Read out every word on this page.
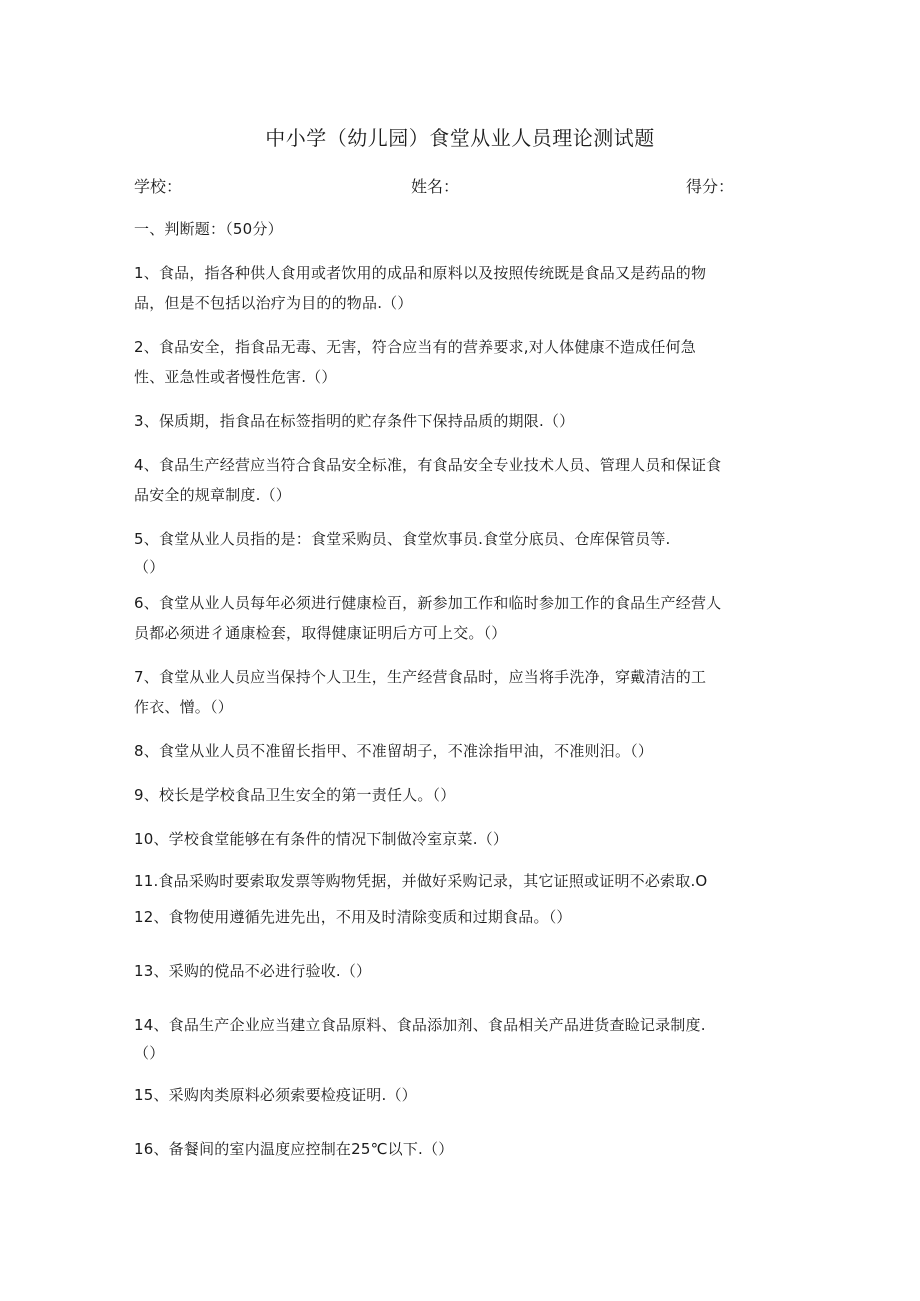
中小学（幼儿园）食堂从业人员理论测试题
学校：	姓名：	得分：
一、判断题：（50分）
1、食品，指各种供人食用或者饮用的成品和原料以及按照传统既是食品又是药品的物
品，但是不包括以治疗为目的的物品.（）
2、食品安全，指食品无毒、无害，符合应当有的营养要求,对人体健康不造成任何急
性、亚急性或者慢性危害.（）
3、保质期，指食品在标签指明的贮存条件下保持品质的期限.（）
4、食品生产经营应当符合食品安全标准，有食品安全专业技术人员、管理人员和保证食
品安全的规章制度.（）
5、食堂从业人员指的是：食堂采购员、食堂炊事员.食堂分底员、仓库保管员等.
（）
6、食堂从业人员每年必须进行健康检百，新参加工作和临时参加工作的食品生产经营人
员都必须进彳通康检套，取得健康证明后方可上交。（）
7、食堂从业人员应当保持个人卫生，生产经营食品时，应当将手洗净，穿戴清洁的工
作衣、憎。（）
8、食堂从业人员不准留长指甲、不准留胡子，不准涂指甲油，不准则汨。（）
9、校长是学校食品卫生安全的第一责任人。（）
10、学校食堂能够在有条件的情况下制做冷室京菜.（）
11.食品采购时要索取发票等购物凭据，并做好采购记录，其它证照或证明不必索取.O
12、食物使用遵循先进先出，不用及时清除变质和过期食品。（）
13、采购的傥品不必进行验收.（）
14、食品生产企业应当建立食品原料、食品添加剂、食品相关产品进货查睑记录制度.
（）
15、采购肉类原料必须索要检疫证明.（）
16、备餐间的室内温度应控制在25℃以下.（）
